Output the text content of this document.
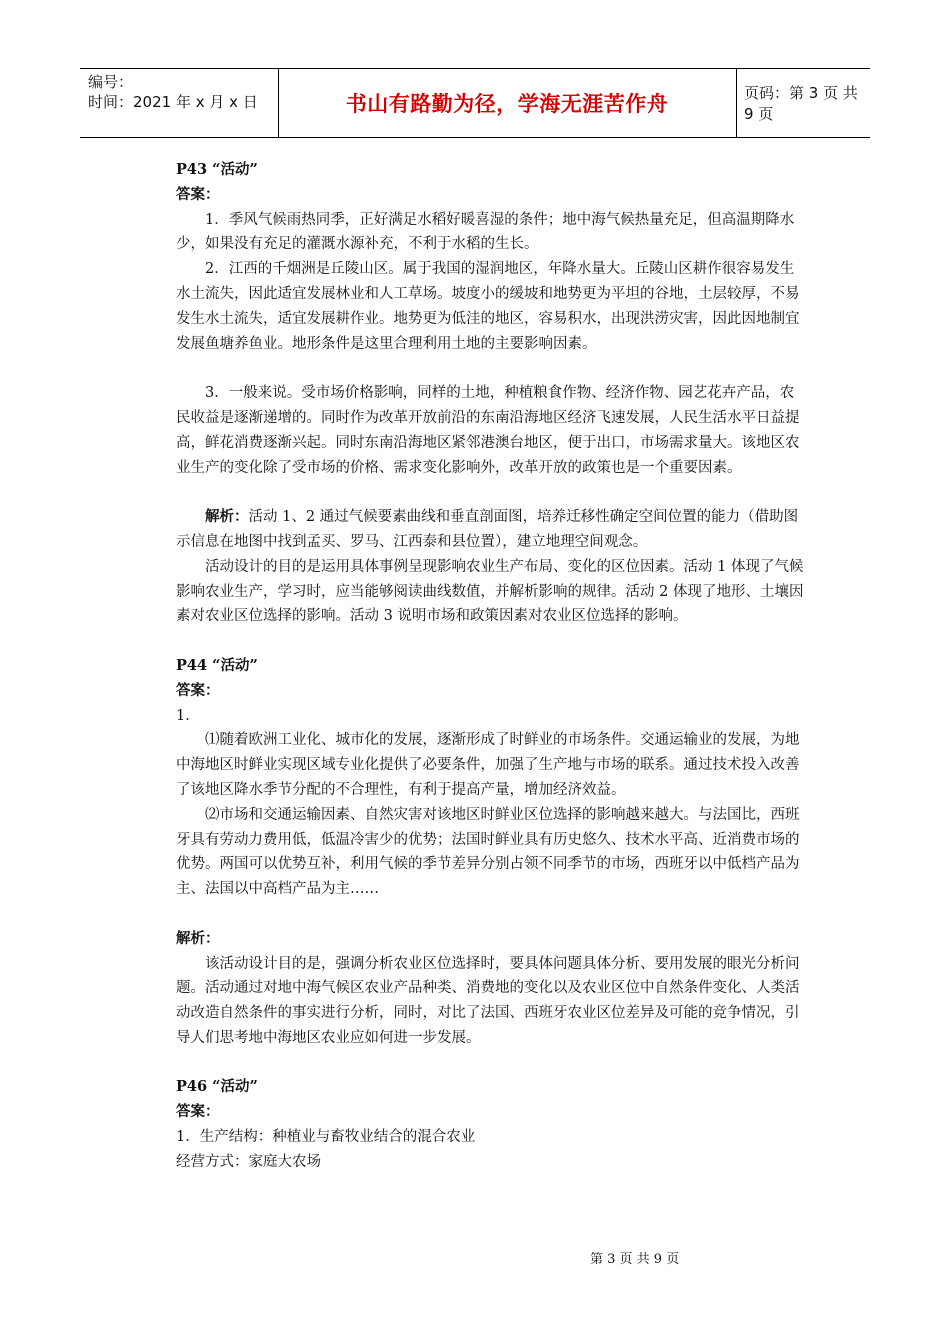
编号：
时间：2021 年 x 月 x 日	书山有路勤为径，学海无涯苦作舟	页码：第 3 页 共 9 页

P43 “活动”

答案：

1．季风气候雨热同季，正好满足水稻好暖喜湿的条件；地中海气候热量充足，但高温期降水少，如果没有充足的灌溉水源补充，不利于水稻的生长。

2．江西的千烟洲是丘陵山区。属于我国的湿润地区，年降水量大。丘陵山区耕作很容易发生水土流失，因此适宜发展林业和人工草场。坡度小的缓坡和地势更为平坦的谷地，土层较厚，不易发生水土流失，适宜发展耕作业。地势更为低洼的地区，容易积水，出现洪涝灾害，因此因地制宜发展鱼塘养鱼业。地形条件是这里合理利用土地的主要影响因素。

3．一般来说。受市场价格影响，同样的土地，种植粮食作物、经济作物、园艺花卉产品，农民收益是逐渐递增的。同时作为改革开放前沿的东南沿海地区经济飞速发展，人民生活水平日益提高，鲜花消费逐渐兴起。同时东南沿海地区紧邻港澳台地区，便于出口，市场需求量大。该地区农业生产的变化除了受市场的价格、需求变化影响外，改革开放的政策也是一个重要因素。

解析：活动 1、2 通过气候要素曲线和垂直剖面图，培养迁移性确定空间位置的能力（借助图示信息在地图中找到孟买、罗马、江西泰和县位置），建立地理空间观念。

活动设计的目的是运用具体事例呈现影响农业生产布局、变化的区位因素。活动 1 体现了气候影响农业生产，学习时，应当能够阅读曲线数值，并解析影响的规律。活动 2 体现了地形、土壤因素对农业区位选择的影响。活动 3 说明市场和政策因素对农业区位选择的影响。

P44 “活动”

答案：

1．

⑴随着欧洲工业化、城市化的发展，逐渐形成了时鲜业的市场条件。交通运输业的发展，为地中海地区时鲜业实现区域专业化提供了必要条件，加强了生产地与市场的联系。通过技术投入改善了该地区降水季节分配的不合理性，有利于提高产量，增加经济效益。

⑵市场和交通运输因素、自然灾害对该地区时鲜业区位选择的影响越来越大。与法国比，西班牙具有劳动力费用低，低温冷害少的优势；法国时鲜业具有历史悠久、技术水平高、近消费市场的优势。两国可以优势互补，利用气候的季节差异分别占领不同季节的市场，西班牙以中低档产品为主、法国以中高档产品为主……

解析：

该活动设计目的是，强调分析农业区位选择时，要具体问题具体分析、要用发展的眼光分析问题。活动通过对地中海气候区农业产品种类、消费地的变化以及农业区位中自然条件变化、人类活动改造自然条件的事实进行分析，同时，对比了法国、西班牙农业区位差异及可能的竞争情况，引导人们思考地中海地区农业应如何进一步发展。

P46 “活动”

答案：

1．生产结构：种植业与畜牧业结合的混合农业

经营方式：家庭大农场

第 3 页 共 9 页
